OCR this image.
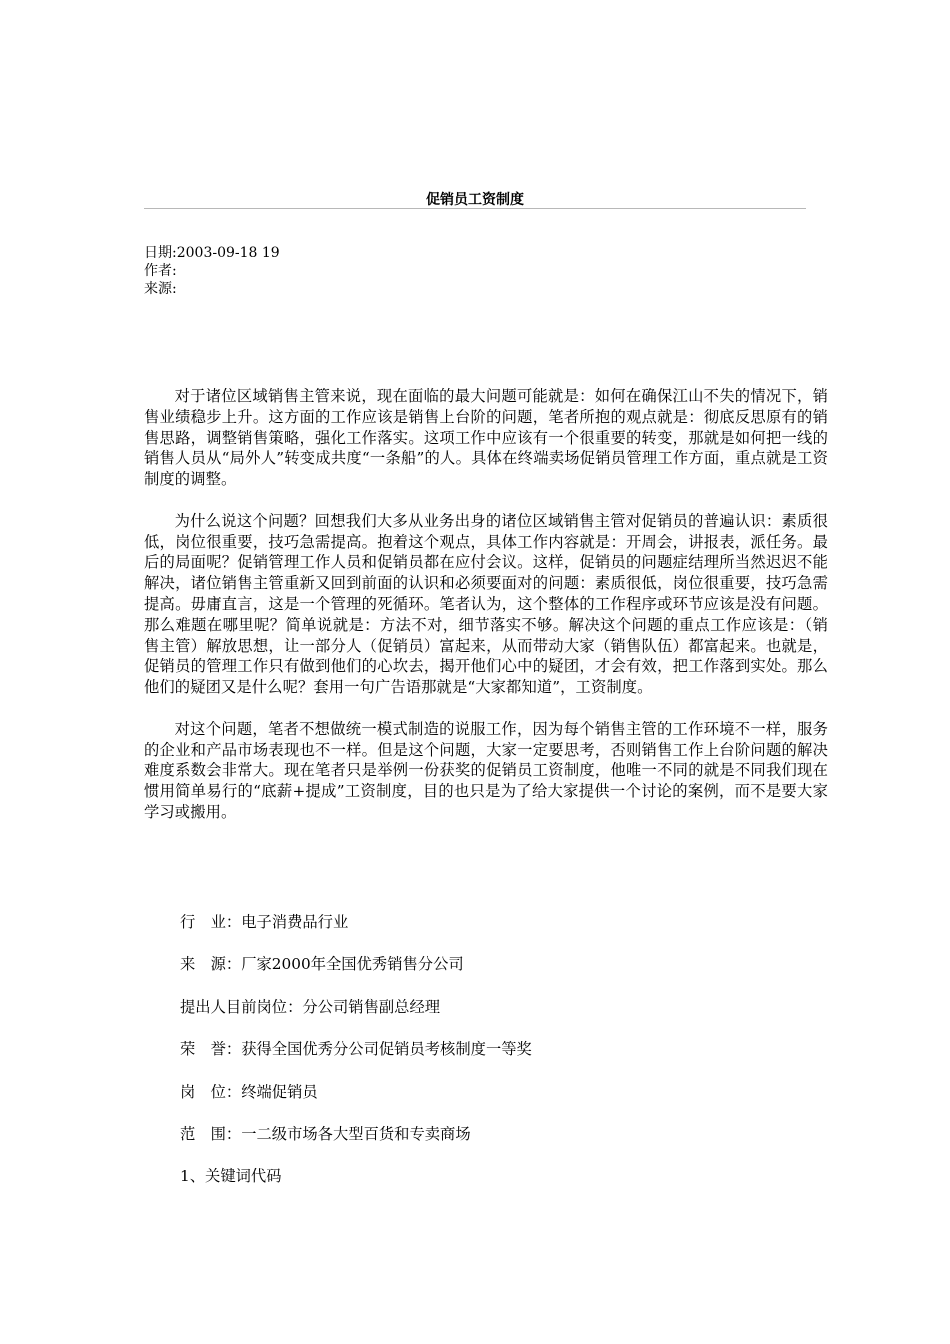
促销员工资制度
日期:2003-09-18 19
作者:
来源:

对于诸位区域销售主管来说，现在面临的最大问题可能就是：如何在确保江山不失的情况下，销售业绩稳步上升。这方面的工作应该是销售上台阶的问题，笔者所抱的观点就是：彻底反思原有的销售思路，调整销售策略，强化工作落实。这项工作中应该有一个很重要的转变，那就是如何把一线的销售人员从“局外人”转变成共度“一条船”的人。具体在终端卖场促销员管理工作方面，重点就是工资制度的调整。

为什么说这个问题？回想我们大多从业务出身的诸位区域销售主管对促销员的普遍认识：素质很低，岗位很重要，技巧急需提高。抱着这个观点，具体工作内容就是：开周会，讲报表，派任务。最后的局面呢？促销管理工作人员和促销员都在应付会议。这样，促销员的问题症结理所当然迟迟不能解决，诸位销售主管重新又回到前面的认识和必须要面对的问题：素质很低，岗位很重要，技巧急需提高。毋庸直言，这是一个管理的死循环。笔者认为，这个整体的工作程序或环节应该是没有问题。那么难题在哪里呢？简单说就是：方法不对，细节落实不够。解决这个问题的重点工作应该是：（销售主管）解放思想，让一部分人（促销员）富起来，从而带动大家（销售队伍）都富起来。也就是，促销员的管理工作只有做到他们的心坎去，揭开他们心中的疑团，才会有效，把工作落到实处。那么他们的疑团又是什么呢？套用一句广告语那就是“大家都知道”，工资制度。

对这个问题，笔者不想做统一模式制造的说服工作，因为每个销售主管的工作环境不一样，服务的企业和产品市场表现也不一样。但是这个问题，大家一定要思考，否则销售工作上台阶问题的解决难度系数会非常大。现在笔者只是举例一份获奖的促销员工资制度，他唯一不同的就是不同我们现在惯用简单易行的“底薪+提成”工资制度，目的也只是为了给大家提供一个讨论的案例，而不是要大家学习或搬用。

行　业：电子消费品行业
来　源：厂家2000年全国优秀销售分公司
提出人目前岗位：分公司销售副总经理
荣　誉：获得全国优秀分公司促销员考核制度一等奖
岗　位：终端促销员
范　围：一二级市场各大型百货和专卖商场
1、关键词代码
